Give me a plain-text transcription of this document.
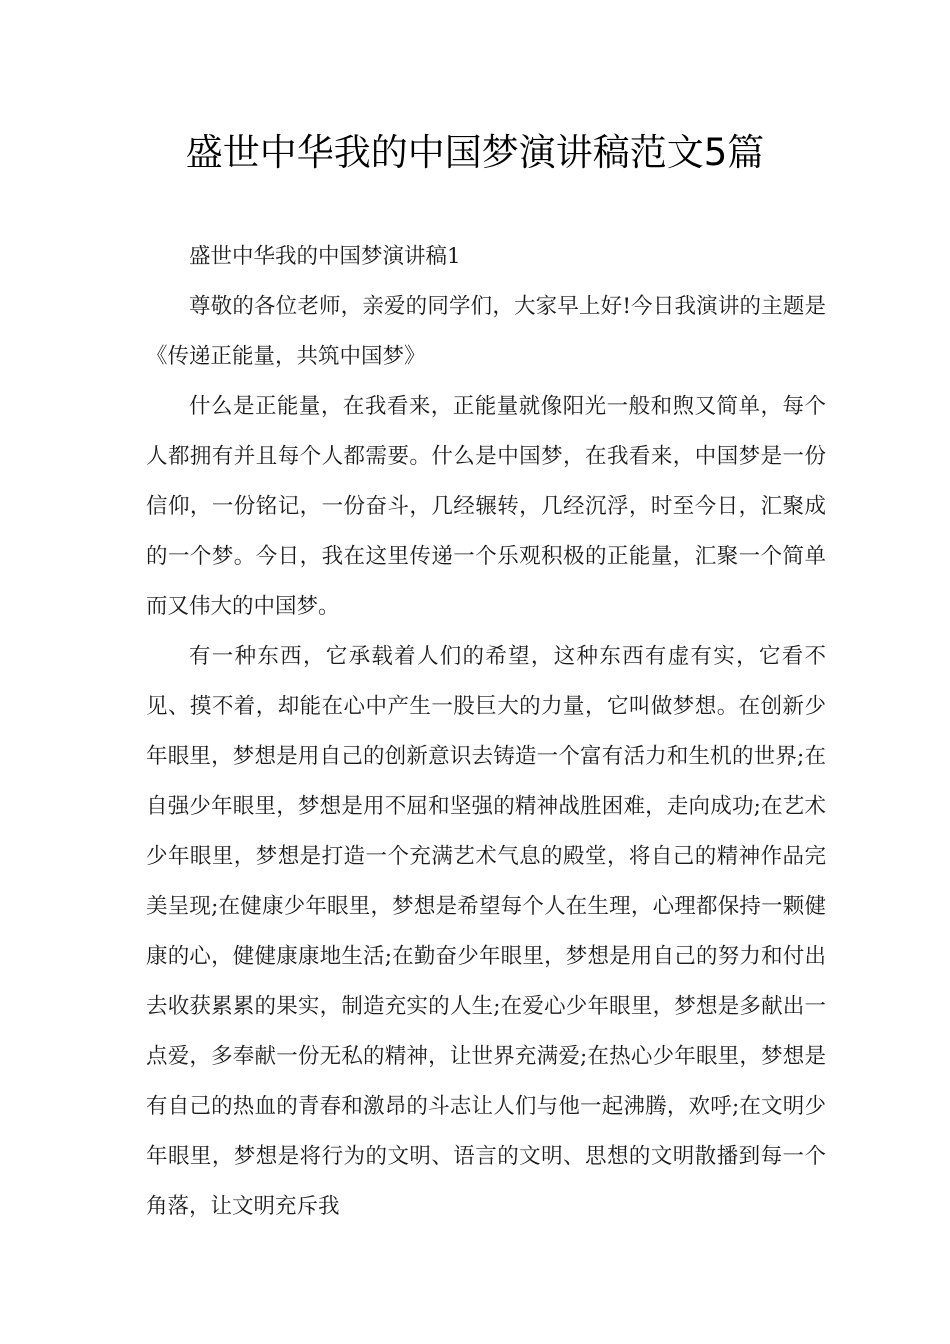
盛世中华我的中国梦演讲稿范文5篇

盛世中华我的中国梦演讲稿1

尊敬的各位老师，亲爱的同学们，大家早上好!今日我演讲的主题是《传递正能量，共筑中国梦》

什么是正能量，在我看来，正能量就像阳光一般和煦又简单，每个人都拥有并且每个人都需要。什么是中国梦，在我看来，中国梦是一份信仰，一份铭记，一份奋斗，几经辗转，几经沉浮，时至今日，汇聚成的一个梦。今日，我在这里传递一个乐观积极的正能量，汇聚一个简单而又伟大的中国梦。

有一种东西，它承载着人们的希望，这种东西有虚有实，它看不见、摸不着，却能在心中产生一股巨大的力量，它叫做梦想。在创新少年眼里，梦想是用自己的创新意识去铸造一个富有活力和生机的世界;在自强少年眼里，梦想是用不屈和坚强的精神战胜困难，走向成功;在艺术少年眼里，梦想是打造一个充满艺术气息的殿堂，将自己的精神作品完美呈现;在健康少年眼里，梦想是希望每个人在生理，心理都保持一颗健康的心，健健康康地生活;在勤奋少年眼里，梦想是用自己的努力和付出去收获累累的果实，制造充实的人生;在爱心少年眼里，梦想是多献出一点爱，多奉献一份无私的精神，让世界充满爱;在热心少年眼里，梦想是有自己的热血的青春和激昂的斗志让人们与他一起沸腾，欢呼;在文明少年眼里，梦想是将行为的文明、语言的文明、思想的文明散播到每一个角落，让文明充斥我
